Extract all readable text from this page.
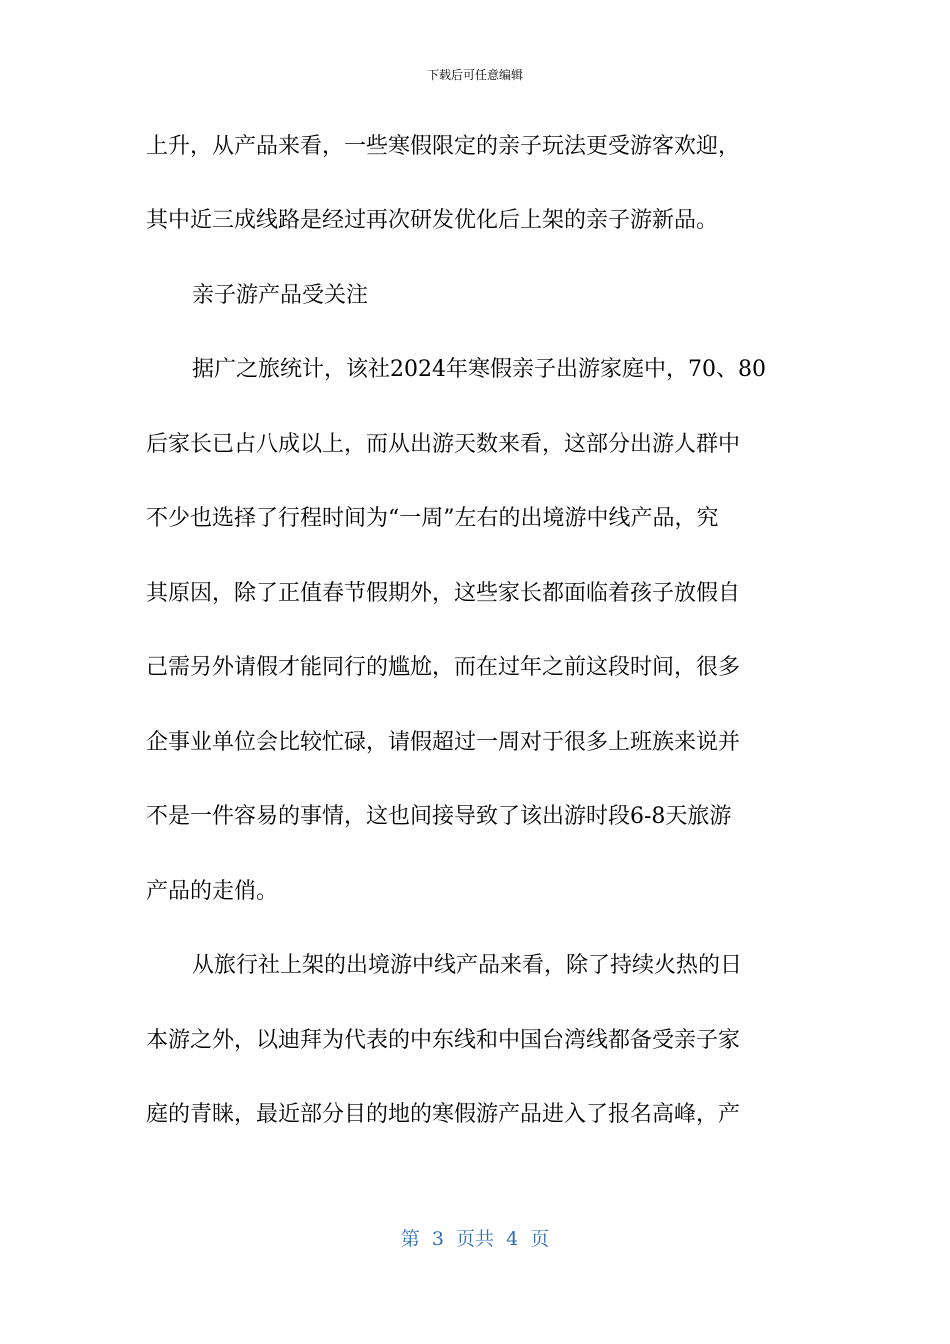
下载后可任意编辑
上升，从产品来看，一些寒假限定的亲子玩法更受游客欢迎，
其中近三成线路是经过再次研发优化后上架的亲子游新品。
亲子游产品受关注
据广之旅统计，该社2024年寒假亲子出游家庭中，70、80
后家长已占八成以上，而从出游天数来看，这部分出游人群中
不少也选择了行程时间为“一周”左右的出境游中线产品，究
其原因，除了正值春节假期外，这些家长都面临着孩子放假自
己需另外请假才能同行的尴尬，而在过年之前这段时间，很多
企事业单位会比较忙碌，请假超过一周对于很多上班族来说并
不是一件容易的事情，这也间接导致了该出游时段6-8天旅游
产品的走俏。
从旅行社上架的出境游中线产品来看，除了持续火热的日
本游之外，以迪拜为代表的中东线和中国台湾线都备受亲子家
庭的青睐，最近部分目的地的寒假游产品进入了报名高峰，产
第  3  页共  4  页
